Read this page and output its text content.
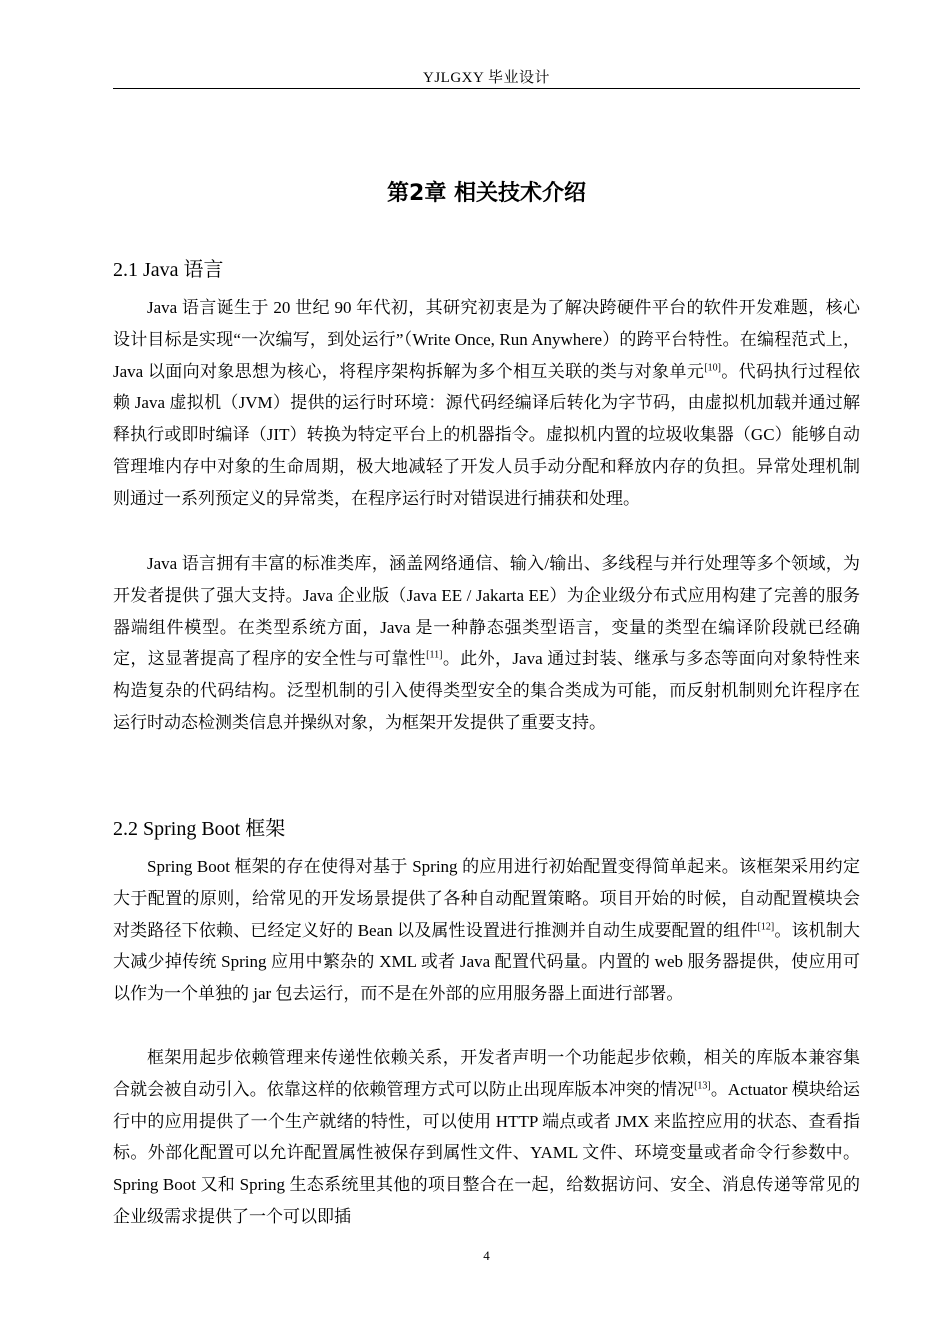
YJLGXY 毕业设计
第2章 相关技术介绍
2.1 Java 语言
Java 语言诞生于 20 世纪 90 年代初，其研究初衷是为了解决跨硬件平台的软件开发难题，核心设计目标是实现“一次编写，到处运行”（Write Once, Run Anywhere）的跨平台特性。在编程范式上，Java 以面向对象思想为核心，将程序架构拆解为多个相互关联的类与对象单元[10]。代码执行过程依赖 Java 虚拟机（JVM）提供的运行时环境：源代码经编译后转化为字节码，由虚拟机加载并通过解释执行或即时编译（JIT）转换为特定平台上的机器指令。虚拟机内置的垃圾收集器（GC）能够自动管理堆内存中对象的生命周期，极大地减轻了开发人员手动分配和释放内存的负担。异常处理机制则通过一系列预定义的异常类，在程序运行时对错误进行捕获和处理。
Java 语言拥有丰富的标准类库，涵盖网络通信、输入/输出、多线程与并行处理等多个领域，为开发者提供了强大支持。Java 企业版（Java EE / Jakarta EE）为企业级分布式应用构建了完善的服务器端组件模型。在类型系统方面，Java 是一种静态强类型语言，变量的类型在编译阶段就已经确定，这显著提高了程序的安全性与可靠性[11]。此外，Java 通过封装、继承与多态等面向对象特性来构造复杂的代码结构。泛型机制的引入使得类型安全的集合类成为可能，而反射机制则允许程序在运行时动态检测类信息并操纵对象，为框架开发提供了重要支持。
2.2 Spring Boot 框架
Spring Boot 框架的存在使得对基于 Spring 的应用进行初始配置变得简单起来。该框架采用约定大于配置的原则，给常见的开发场景提供了各种自动配置策略。项目开始的时候，自动配置模块会对类路径下依赖、已经定义好的 Bean 以及属性设置进行推测并自动生成要配置的组件[12]。该机制大大减少掉传统 Spring 应用中繁杂的 XML 或者 Java 配置代码量。内置的 web 服务器提供，使应用可以作为一个单独的 jar 包去运行，而不是在外部的应用服务器上面进行部署。
框架用起步依赖管理来传递性依赖关系，开发者声明一个功能起步依赖，相关的库版本兼容集合就会被自动引入。依靠这样的依赖管理方式可以防止出现库版本冲突的情况[13]。Actuator 模块给运行中的应用提供了一个生产就绪的特性，可以使用 HTTP 端点或者 JMX 来监控应用的状态、查看指标。外部化配置可以允许配置属性被保存到属性文件、YAML 文件、环境变量或者命令行参数中。Spring Boot 又和 Spring 生态系统里其他的项目整合在一起，给数据访问、安全、消息传递等常见的企业级需求提供了一个可以即插
4
